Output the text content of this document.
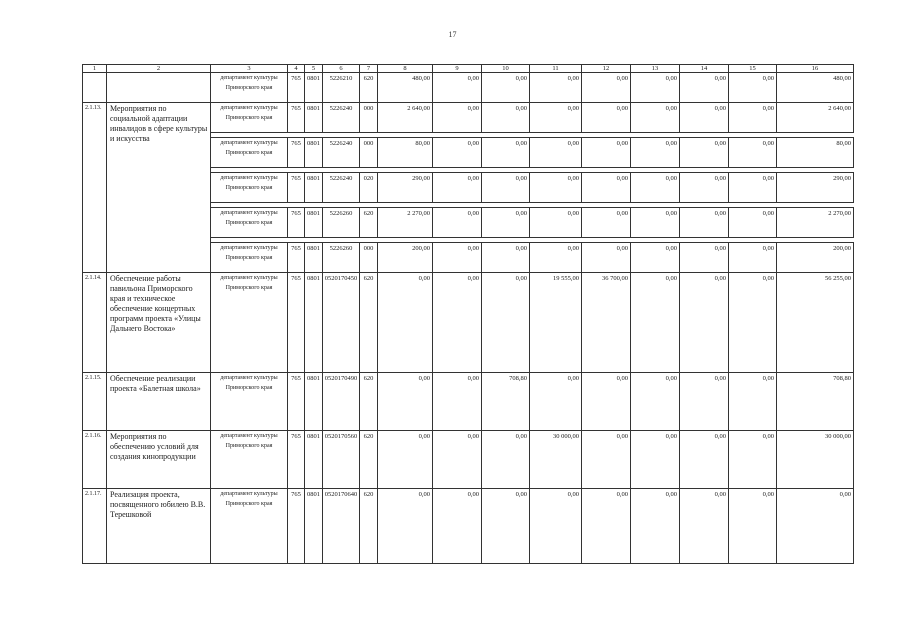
17
1	2	3	4	5	6	7	8	9	10	11	12	13	14	15	16
		департамент культуры Приморского края	765	0801	5226210	620	480,00	0,00	0,00	0,00	0,00	0,00	0,00	0,00	480,00
2.1.13.	Мероприятия по социальной адаптации инвалидов в сфере культуры и искусства	департамент культуры Приморского края	765	0801	5226240	000	2 640,00	0,00	0,00	0,00	0,00	0,00	0,00	0,00	2 640,00

		департамент культуры Приморского края	765	0801	5226240	000	80,00	0,00	0,00	0,00	0,00	0,00	0,00	0,00	80,00

		департамент культуры Приморского края	765	0801	5226240	020	290,00	0,00	0,00	0,00	0,00	0,00	0,00	0,00	290,00

		департамент культуры Приморского края	765	0801	5226260	620	2 270,00	0,00	0,00	0,00	0,00	0,00	0,00	0,00	2 270,00

		департамент культуры Приморского края	765	0801	5226260	000	200,00	0,00	0,00	0,00	0,00	0,00	0,00	0,00	200,00
2.1.14.	Обеспечение работы павильона Приморского края и техническое обеспечение концертных программ проекта «Улицы Дальнего Востока»	департамент культуры Приморского края	765	0801	0520170450	620	0,00	0,00	0,00	19 555,00	36 700,00	0,00	0,00	0,00	56 255,00
2.1.15.	Обеспечение реализации проекта «Балетная школа»	департамент культуры Приморского края	765	0801	0520170490	620	0,00	0,00	708,80	0,00	0,00	0,00	0,00	0,00	708,80
2.1.16.	Мероприятия по обеспечению условий для создания кинопродукции	департамент культуры Приморского края	765	0801	0520170560	620	0,00	0,00	0,00	30 000,00	0,00	0,00	0,00	0,00	30 000,00
2.1.17.	Реализация проекта, посвященного юбилею В.В. Терешковой	департамент культуры Приморского края	765	0801	0520170640	620	0,00	0,00	0,00	0,00	0,00	0,00	0,00	0,00	0,00
